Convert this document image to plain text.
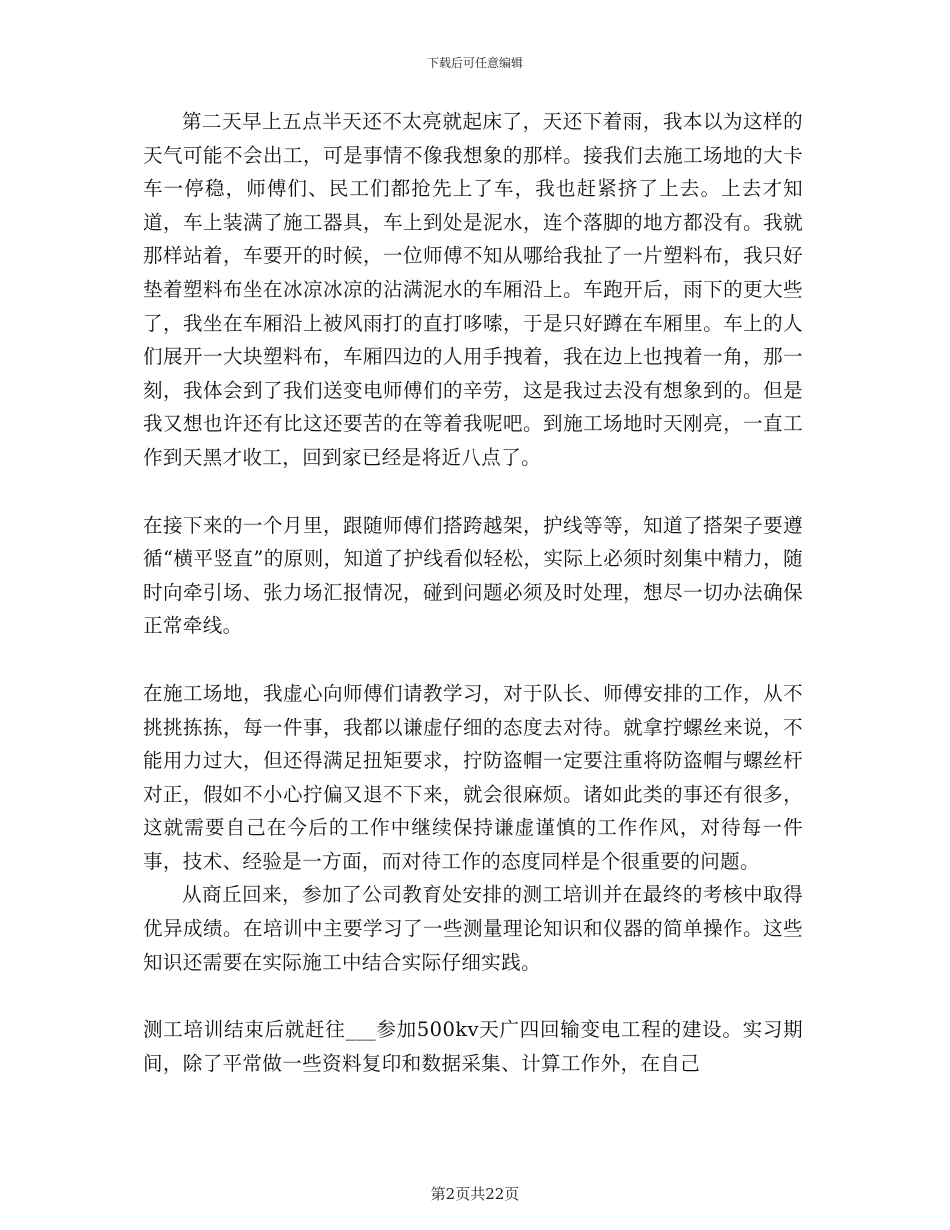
下载后可任意编辑

第二天早上五点半天还不太亮就起床了，天还下着雨，我本以为这样的天气可能不会出工，可是事情不像我想象的那样。接我们去施工场地的大卡车一停稳，师傅们、民工们都抢先上了车，我也赶紧挤了上去。上去才知道，车上装满了施工器具，车上到处是泥水，连个落脚的地方都没有。我就那样站着，车要开的时候，一位师傅不知从哪给我扯了一片塑料布，我只好垫着塑料布坐在冰凉冰凉的沾满泥水的车厢沿上。车跑开后，雨下的更大些了，我坐在车厢沿上被风雨打的直打哆嗦，于是只好蹲在车厢里。车上的人们展开一大块塑料布，车厢四边的人用手拽着，我在边上也拽着一角，那一刻，我体会到了我们送变电师傅们的辛劳，这是我过去没有想象到的。但是我又想也许还有比这还要苦的在等着我呢吧。到施工场地时天刚亮，一直工作到天黑才收工，回到家已经是将近八点了。

在接下来的一个月里，跟随师傅们搭跨越架，护线等等，知道了搭架子要遵循“横平竖直”的原则，知道了护线看似轻松，实际上必须时刻集中精力，随时向牵引场、张力场汇报情况，碰到问题必须及时处理，想尽一切办法确保正常牵线。

在施工场地，我虚心向师傅们请教学习，对于队长、师傅安排的工作，从不挑挑拣拣，每一件事，我都以谦虚仔细的态度去对待。就拿拧螺丝来说，不能用力过大，但还得满足扭矩要求，拧防盗帽一定要注重将防盗帽与螺丝杆对正，假如不小心拧偏又退不下来，就会很麻烦。诸如此类的事还有很多，这就需要自己在今后的工作中继续保持谦虚谨慎的工作作风，对待每一件事，技术、经验是一方面，而对待工作的态度同样是个很重要的问题。

从商丘回来，参加了公司教育处安排的测工培训并在最终的考核中取得优异成绩。在培训中主要学习了一些测量理论知识和仪器的简单操作。这些知识还需要在实际施工中结合实际仔细实践。

测工培训结束后就赶往___参加500kv天广四回输变电工程的建设。实习期间，除了平常做一些资料复印和数据采集、计算工作外，在自己

第2页共22页
